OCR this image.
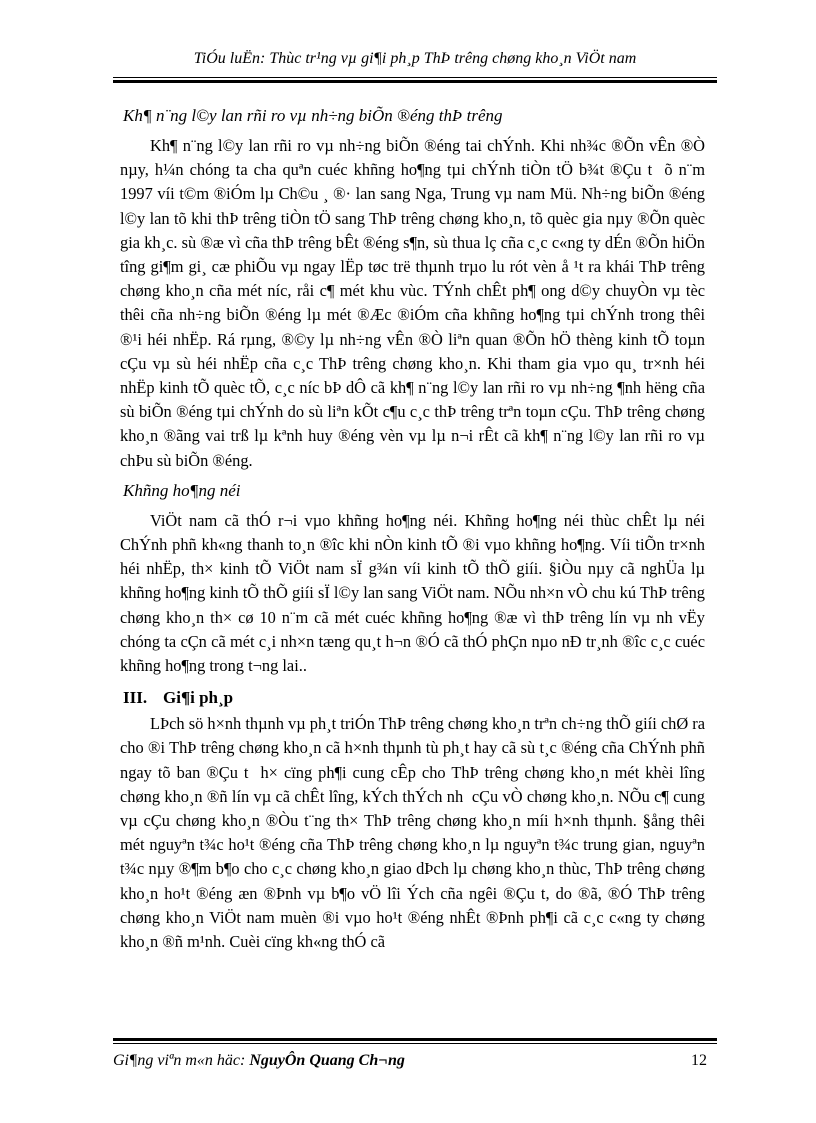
TiÓu luËn: Thùc tr¹ng vµ gi¶i ph¸p ThÞ trêng chøng kho¸n ViÖt nam
Kh¶ n¨ng l©y lan rñi ro vµ nh÷ng biÕn ®éng thÞ trêng

Kh¶ n¨ng l©y lan rñi ro vµ nh÷ng biÕn ®éng tai chÝnh. Khi nh¾c ®Õn vÊn ®Ò nµy, h¼n chóng ta cha quªn cuéc khñng ho¶ng tµi chÝnh tiÒn tÖ b¾t ®Çu t õ n¨m 1997 víi t©m ®iÓm lµ Ch©u ¸ ®· lan sang Nga, Trung vµ nam Mü. Nh÷ng biÕn ®éng l©y lan tõ khi thÞ trêng tiÒn tÖ sang ThÞ trêng chøng kho¸n, tõ quèc gia nµy ®Õn quèc gia kh¸c. sù ®æ vì cña thÞ trêng bÊt ®éng s¶n, sù thua lç cña c¸c c«ng ty dÉn ®Õn hiÖn tîng gi¶m gi¸ cæ phiÕu vµ ngay lËp tøc trë thµnh trµo lu rót vèn å ¹t ra khái ThÞ trêng chøng kho¸n cña mét níc, råi c¶ mét khu vùc. TÝnh chÊt ph¶ ong d©y chuyÒn vµ tèc thêi cña nh÷ng biÕn ®éng lµ mét ®Æc ®iÓm cña khñng ho¶ng tµi chÝnh trong thêi ®¹i héi nhËp. Rá rµng, ®©y lµ nh÷ng vÊn ®Ò liªn quan ®Õn hÖ thèng kinh tÕ toµn cÇu vµ sù héi nhËp cña c¸c ThÞ trêng chøng kho¸n. Khi tham gia vµo qu¸ tr×nh héi nhËp kinh tÕ quèc tÕ, c¸c níc bÞ dÔ cã kh¶ n¨ng l©y lan rñi ro vµ nh÷ng ¶nh hëng cña sù biÕn ®éng tµi chÝnh do sù liªn kÕt c¶u c¸c thÞ trêng trªn toµn cÇu. ThÞ trêng chøng kho¸n ®ãng vai trß lµ kªnh huy ®éng vèn vµ lµ n¬i rÊt cã kh¶ n¨ng l©y lan rñi ro vµ chÞu sù biÕn ®éng.

Khñng ho¶ng néi

ViÖt nam cã thÓ r¬i vµo khñng ho¶ng néi. Khñng ho¶ng néi thùc chÊt lµ néi ChÝnh phñ kh«ng thanh to¸n ®îc khi nÒn kinh tÕ ®i vµo khñng ho¶ng. Víi tiÕn tr×nh héi nhËp, th× kinh tÕ ViÖt nam sÏ g¾n víi kinh tÕ thÕ giíi. §iÒu nµy cã nghÜa lµ khñng ho¶ng kinh tÕ thÕ giíi sÏ l©y lan sang ViÖt nam. NÕu nh×n vÒ chu kú ThÞ trêng chøng kho¸n th× cø 10 n¨m cã mét cuéc khñng ho¶ng ®æ vì thÞ trêng lín vµ nh vËy chóng ta cÇn cã mét c¸i nh×n tæng qu¸t h¬n ®Ó cã thÓ phÇn nµo nÐ tr¸nh ®îc c¸c cuéc khñng ho¶ng trong t¬ng lai..

III. Gi¶i ph¸p

LÞch sö h×nh thµnh vµ ph¸t triÓn ThÞ trêng chøng kho¸n trªn ch÷ng thÕ giíi chØ ra cho ®i ThÞ trêng chøng kho¸n cã h×nh thµnh tù ph¸t hay cã sù t¸c ®éng cña ChÝnh phñ ngay tõ ban ®Çu t h× cïng ph¶i cung cÊp cho ThÞ trêng chøng kho¸n mét khèi lîng chøng kho¸n ®ñ lín vµ cã chÊt lîng, kÝch thÝch nh cÇu vÒ chøng kho¸n. NÕu c¶ cung vµ cÇu chøng kho¸n ®Òu t¨ng th× ThÞ trêng chøng kho¸n míi h×nh thµnh. §ång thêi mét nguyªn t¾c ho¹t ®éng cña ThÞ trêng chøng kho¸n lµ nguyªn t¾c trung gian, nguyªn t¾c nµy ®¶m b¶o cho c¸c chøng kho¸n giao dÞch lµ chøng kho¸n thùc, ThÞ trêng chøng kho¸n ho¹t ®éng æn ®Þnh vµ b¶o vÖ lîi Ých cña ngêi ®Çu t, do ®ã, ®Ó ThÞ trêng chøng kho¸n ViÖt nam muèn ®i vµo ho¹t ®éng nhÊt ®Þnh ph¶i cã c¸c c«ng ty chøng kho¸n ®ñ m¹nh. Cuèi cïng kh«ng thÓ cã

Gi¶ng viªn m«n häc: NguyÔn Quang Ch¬ng	12
